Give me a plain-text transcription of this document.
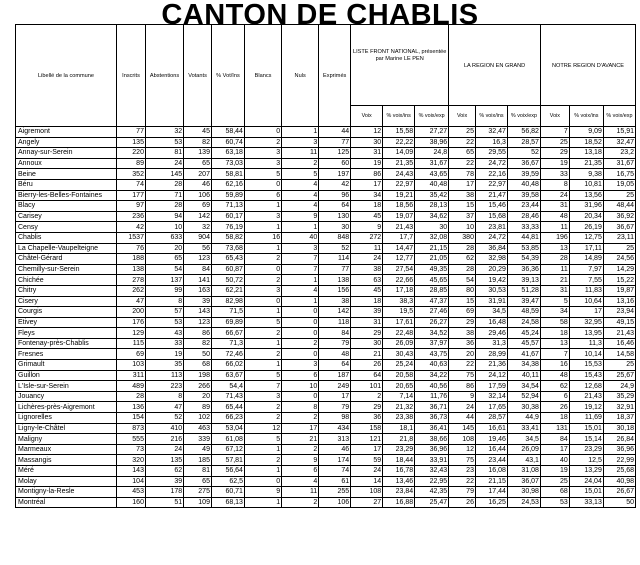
CANTON DE CHABLIS
Libellé de la commune	Inscrits	Abstentions	Votants	% Vot/Ins	Blancs	Nuls	Exprimés	LISTE FRONT NATIONAL, présentée par Marine LE PEN			LA REGION EN GRAND			NOTRE REGION D'AVANCE		
								Voix	% voix/ins	% voix/exp	Voix	% voix/ins	% voix/exp	Voix	% voix/ins	% voix/exp
Aigremont	77	32	45	58,44	0	1	44	12	15,58	27,27	25	32,47	56,82	7	9,09	15,91
Angely	135	53	82	60,74	2	3	77	30	22,22	38,96	22	16,3	28,57	25	18,52	32,47
Annay-sur-Serein	220	81	139	63,18	3	11	125	31	14,09	24,8	65	29,55	52	29	13,18	23,2
Annoux	89	24	65	73,03	3	2	60	19	21,35	31,67	22	24,72	36,67	19	21,35	31,67
Beine	352	145	207	58,81	5	5	197	86	24,43	43,65	78	22,16	39,59	33	9,38	16,75
Béru	74	28	46	62,16	0	4	42	17	22,97	40,48	17	22,97	40,48	8	10,81	19,05
Bierry-les-Belles-Fontaines	177	71	106	59,89	6	4	96	34	19,21	35,42	38	21,47	39,58	24	13,56	25
Blacy	97	28	69	71,13	1	4	64	18	18,56	28,13	15	15,46	23,44	31	31,96	48,44
Carisey	236	94	142	60,17	3	9	130	45	19,07	34,62	37	15,68	28,46	48	20,34	36,92
Censy	42	10	32	76,19	1	1	30	9	21,43	30	10	23,81	33,33	11	26,19	36,67
Chablis	1537	633	904	58,82	16	40	848	272	17,7	32,08	380	24,72	44,81	196	12,75	23,11
La Chapelle-Vaupelteigne	76	20	56	73,68	1	3	52	11	14,47	21,15	28	36,84	53,85	13	17,11	25
Châtel-Gérard	188	65	123	65,43	2	7	114	24	12,77	21,05	62	32,98	54,39	28	14,89	24,56
Chemilly-sur-Serein	138	54	84	60,87	0	7	77	38	27,54	49,35	28	20,29	36,36	11	7,97	14,29
Chichée	278	137	141	50,72	2	1	138	63	22,66	45,65	54	19,42	39,13	21	7,55	15,22
Chitry	262	99	163	62,21	3	4	156	45	17,18	28,85	80	30,53	51,28	31	11,83	19,87
Cisery	47	8	39	82,98	0	1	38	18	38,3	47,37	15	31,91	39,47	5	10,64	13,16
Courgis	200	57	143	71,5	1	0	142	39	19,5	27,46	69	34,5	48,59	34	17	23,94
Etivey	176	53	123	69,89	5	0	118	31	17,61	26,27	29	16,48	24,58	58	32,95	49,15
Fleys	129	43	86	66,67	2	0	84	29	22,48	34,52	38	29,46	45,24	18	13,95	21,43
Fontenay-près-Chablis	115	33	82	71,3	1	2	79	30	26,09	37,97	36	31,3	45,57	13	11,3	16,46
Fresnes	69	19	50	72,46	2	0	48	21	30,43	43,75	20	28,99	41,67	7	10,14	14,58
Grimault	103	35	68	66,02	1	3	64	26	25,24	40,63	22	21,36	34,38	16	15,53	25
Guillon	311	113	198	63,67	5	6	187	64	20,58	34,22	75	24,12	40,11	48	15,43	25,67
L'Isle-sur-Serein	489	223	266	54,4	7	10	249	101	20,65	40,56	86	17,59	34,54	62	12,68	24,9
Jouancy	28	8	20	71,43	3	0	17	2	7,14	11,76	9	32,14	52,94	6	21,43	35,29
Lichères-près-Aigremont	136	47	89	65,44	2	8	79	29	21,32	36,71	24	17,65	30,38	26	19,12	32,91
Lignorelles	154	52	102	66,23	2	2	98	36	23,38	36,73	44	28,57	44,9	18	11,69	18,37
Ligny-le-Châtel	873	410	463	53,04	12	17	434	158	18,1	36,41	145	16,61	33,41	131	15,01	30,18
Maligny	555	216	339	61,08	5	21	313	121	21,8	38,66	108	19,46	34,5	84	15,14	26,84
Marmeaux	73	24	49	67,12	1	2	46	17	23,29	36,96	12	16,44	26,09	17	23,29	36,96
Massangis	320	135	185	57,81	2	9	174	59	18,44	33,91	75	23,44	43,1	40	12,5	22,99
Méré	143	62	81	56,64	1	6	74	24	16,78	32,43	23	16,08	31,08	19	13,29	25,68
Molay	104	39	65	62,5	0	4	61	14	13,46	22,95	22	21,15	36,07	25	24,04	40,98
Montigny-la-Resle	453	178	275	60,71	9	11	255	108	23,84	42,35	79	17,44	30,98	68	15,01	26,67
Montréal	160	51	109	68,13	1	2	106	27	16,88	25,47	26	16,25	24,53	53	33,13	50
